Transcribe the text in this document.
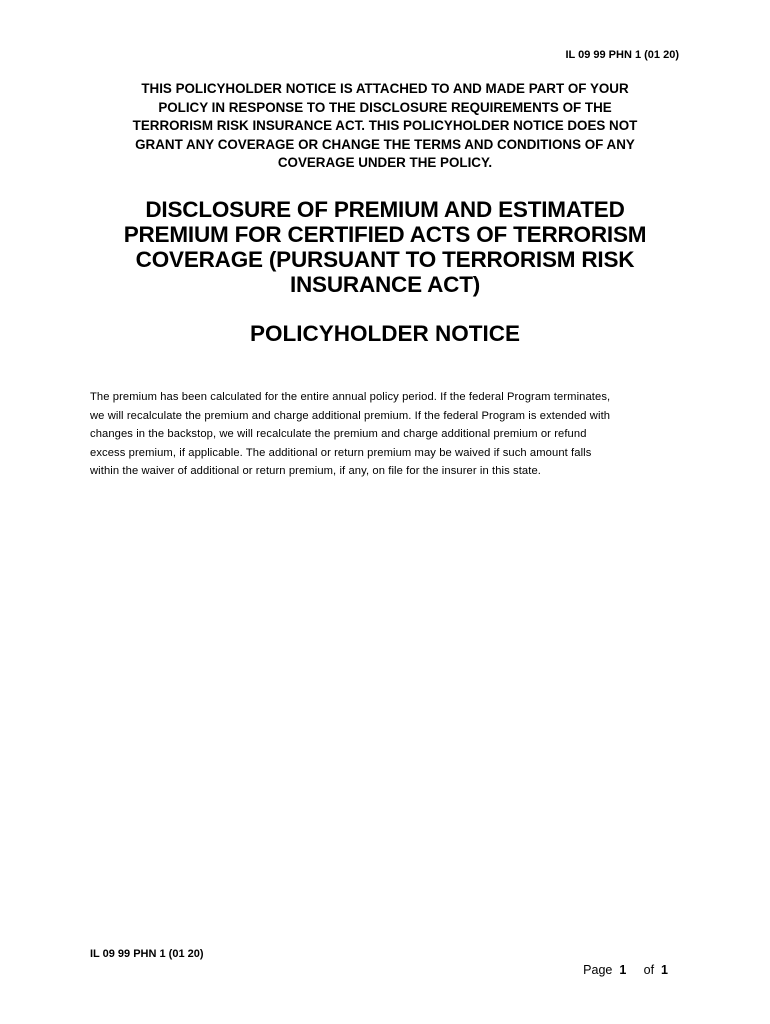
IL 09 99 PHN 1 (01 20)
THIS POLICYHOLDER NOTICE IS ATTACHED TO AND MADE PART OF YOUR
POLICY IN RESPONSE TO THE DISCLOSURE REQUIREMENTS OF THE
TERRORISM RISK INSURANCE ACT. THIS POLICYHOLDER NOTICE DOES NOT
GRANT ANY COVERAGE OR CHANGE THE TERMS AND CONDITIONS OF ANY
COVERAGE UNDER THE POLICY.
DISCLOSURE OF PREMIUM AND ESTIMATED
PREMIUM FOR CERTIFIED ACTS OF TERRORISM
COVERAGE (PURSUANT TO TERRORISM RISK
INSURANCE ACT)
POLICYHOLDER NOTICE
The premium has been calculated for the entire annual policy period. If the federal Program terminates,
we will recalculate the premium and charge additional premium. If the federal Program is extended with
changes in the backstop, we will recalculate the premium and charge additional premium or refund
excess premium, if applicable. The additional or return premium may be waived if such amount falls
within the waiver of additional or return premium, if any, on file for the insurer in this state.
IL 09 99 PHN 1 (01 20)
Page 1 of 1
